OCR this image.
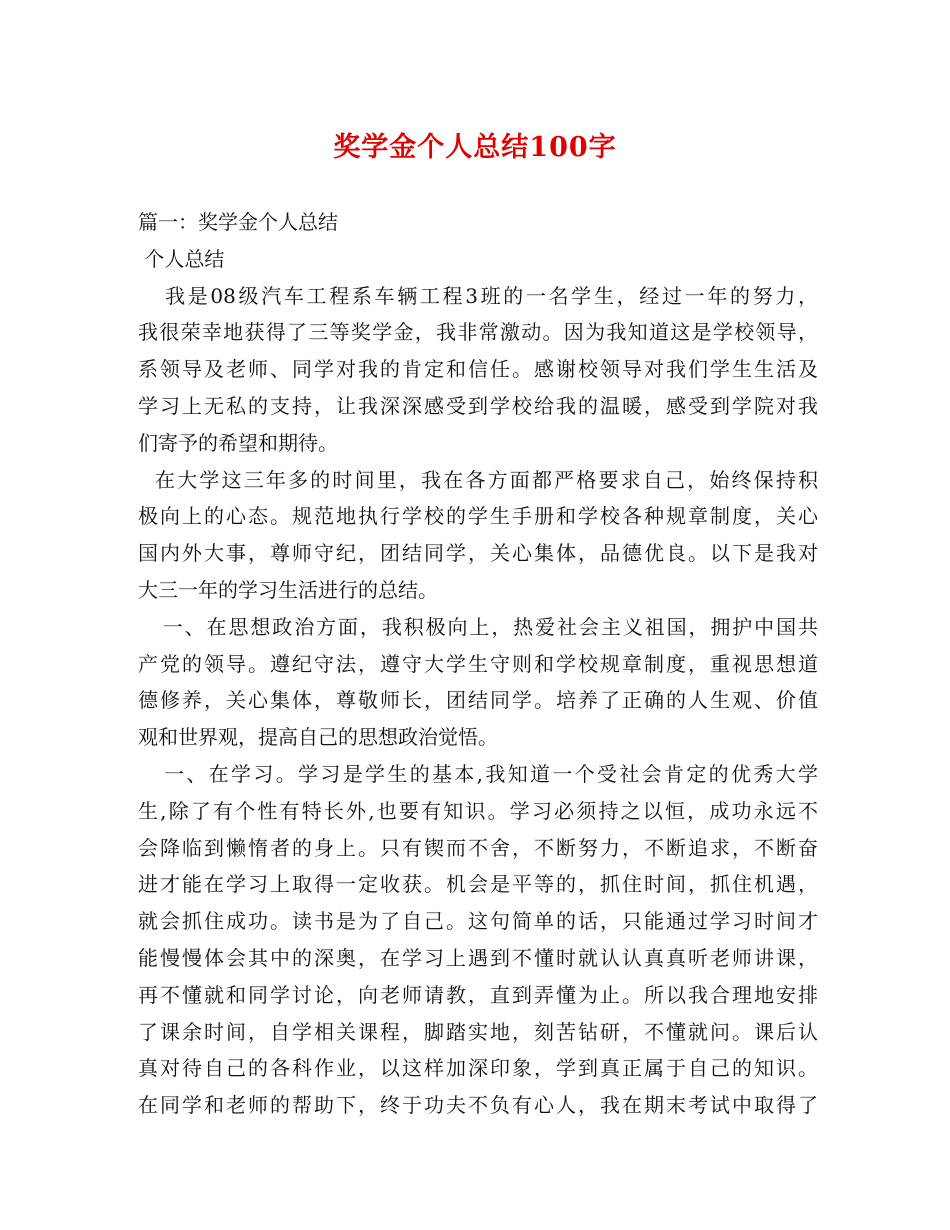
奖学金个人总结100字
篇一：奖学金个人总结
个人总结
我是08级汽车工程系车辆工程3班的一名学生，经过一年的努力，
我很荣幸地获得了三等奖学金，我非常激动。因为我知道这是学校领导，
系领导及老师、同学对我的肯定和信任。感谢校领导对我们学生生活及
学习上无私的支持，让我深深感受到学校给我的温暖，感受到学院对我
们寄予的希望和期待。
在大学这三年多的时间里，我在各方面都严格要求自己，始终保持积
极向上的心态。规范地执行学校的学生手册和学校各种规章制度，关心
国内外大事，尊师守纪，团结同学，关心集体，品德优良。以下是我对
大三一年的学习生活进行的总结。
一、在思想政治方面，我积极向上，热爱社会主义祖国，拥护中国共
产党的领导。遵纪守法，遵守大学生守则和学校规章制度，重视思想道
德修养，关心集体，尊敬师长，团结同学。培养了正确的人生观、价值
观和世界观，提高自己的思想政治觉悟。
一、在学习。学习是学生的基本,我知道一个受社会肯定的优秀大学
生,除了有个性有特长外,也要有知识。学习必须持之以恒，成功永远不
会降临到懒惰者的身上。只有锲而不舍，不断努力，不断追求，不断奋
进才能在学习上取得一定收获。机会是平等的，抓住时间，抓住机遇，
就会抓住成功。读书是为了自己。这句简单的话，只能通过学习时间才
能慢慢体会其中的深奥，在学习上遇到不懂时就认认真真听老师讲课，
再不懂就和同学讨论，向老师请教，直到弄懂为止。所以我合理地安排
了课余时间，自学相关课程，脚踏实地，刻苦钻研，不懂就问。课后认
真对待自己的各科作业，以这样加深印象，学到真正属于自己的知识。
在同学和老师的帮助下，终于功夫不负有心人，我在期末考试中取得了
